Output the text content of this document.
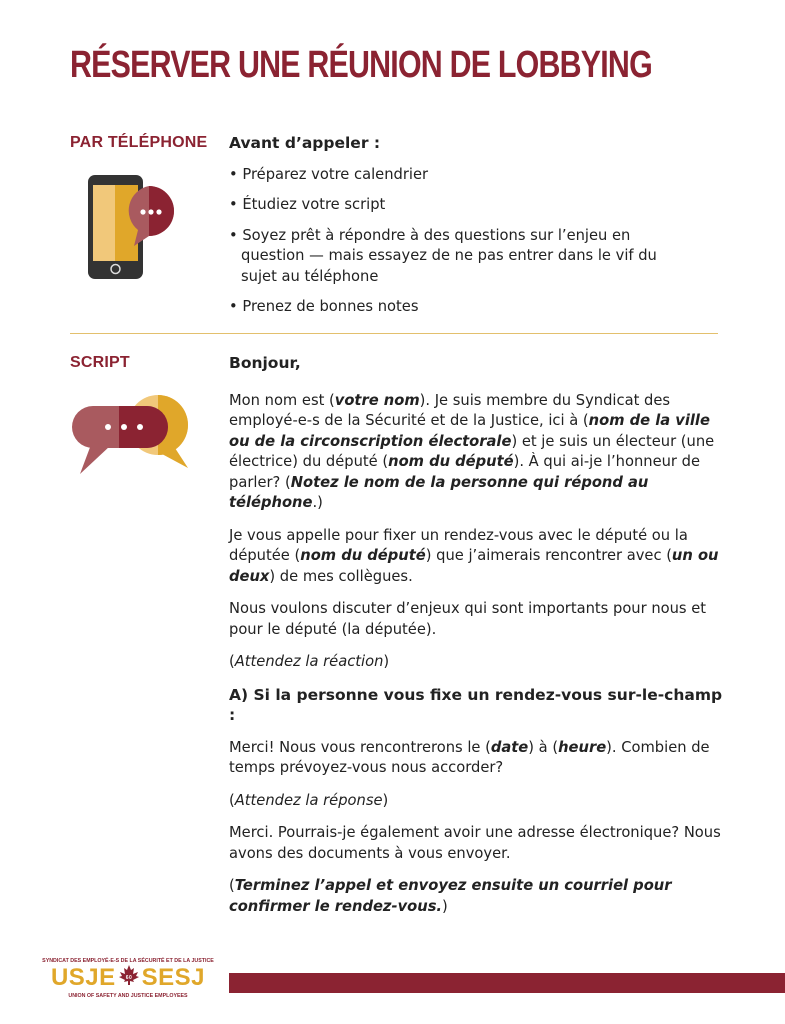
RÉSERVER UNE RÉUNION DE LOBBYING
PAR TÉLÉPHONE Avant d’appeler :

• Préparez votre calendrier
• Étudiez votre script
• Soyez prêt à répondre à des questions sur l’enjeu en question — mais essayez de ne pas entrer dans le vif du sujet au téléphone
• Prenez de bonnes notes
SCRIPT	Bonjour,

Mon nom est (votre nom). Je suis membre du Syndicat des employé-e-s de la Sécurité et de la Justice, ici à (nom de la ville ou de la circonscription électorale) et je suis un électeur (une électrice) du député (nom du député). À qui ai-je l’honneur de parler? (Notez le nom de la personne qui répond au téléphone.)

Je vous appelle pour fixer un rendez-vous avec le député ou la députée (nom du député) que j’aimerais rencontrer avec (un ou deux) de mes collègues.

Nous voulons discuter d’enjeux qui sont importants pour nous et pour le député (la députée).

(Attendez la réaction)

A) Si la personne vous fixe un rendez-vous sur-le-champ :

Merci! Nous vous rencontrerons le (date) à (heure). Combien de temps prévoyez-vous nous accorder?

(Attendez la réponse)

Merci. Pourrais-je également avoir une adresse électronique? Nous avons des documents à vous envoyer.

(Terminez l’appel et envoyez ensuite un courriel pour confirmer le rendez-vous.)

SYNDICAT DES EMPLOYÉ-E-S DE LA SÉCURITÉ ET DE LA JUSTICE
USJE 60 SESJ
UNION OF SAFETY AND JUSTICE EMPLOYEES
